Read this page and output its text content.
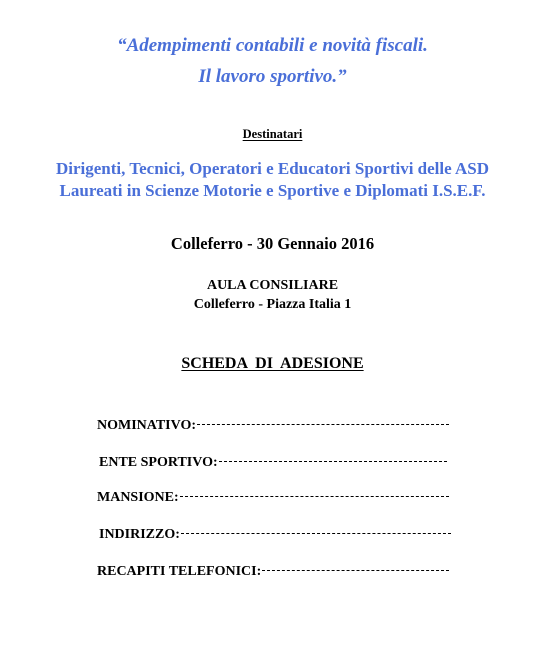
“Adempimenti contabili e novità fiscali.
Il lavoro sportivo.”
Destinatari
Dirigenti, Tecnici, Operatori e Educatori Sportivi delle ASD
Laureati in Scienze Motorie e Sportive e Diplomati I.S.E.F.
Colleferro - 30 Gennaio 2016
AULA CONSILIARE
Colleferro - Piazza Italia 1
SCHEDA  DI  ADESIONE
NOMINATIVO:
ENTE SPORTIVO:
MANSIONE:
INDIRIZZO:
RECAPITI TELEFONICI:
